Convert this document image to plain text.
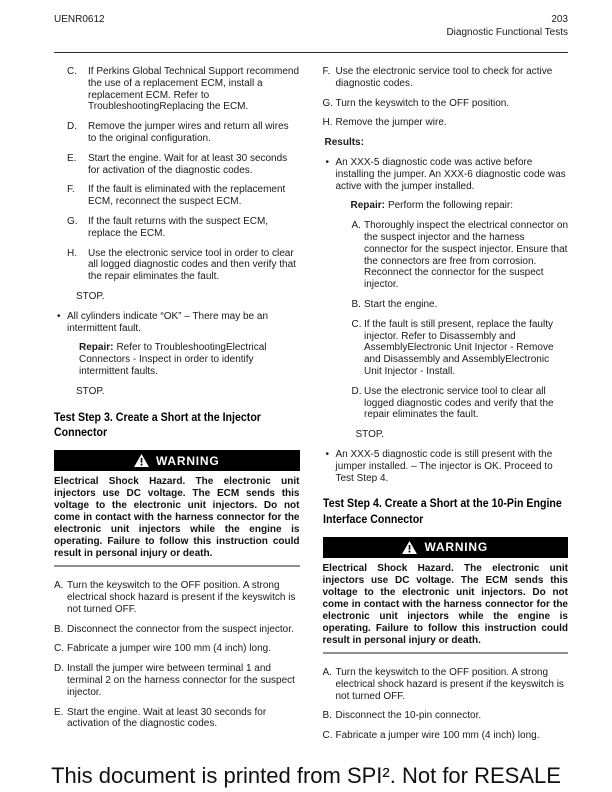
UENR0612	203
Diagnostic Functional Tests
C.	If Perkins Global Technical Support recommend the use of a replacement ECM, install a replacement ECM. Refer to TroubleshootingReplacing the ECM.
D.	Remove the jumper wires and return all wires to the original configuration.
E.	Start the engine. Wait for at least 30 seconds for activation of the diagnostic codes.
F.	If the fault is eliminated with the replacement ECM, reconnect the suspect ECM.
G.	If the fault returns with the suspect ECM, replace the ECM.
H.	Use the electronic service tool in order to clear all logged diagnostic codes and then verify that the repair eliminates the fault.

STOP.

• All cylinders indicate “OK” – There may be an intermittent fault.

Repair: Refer to TroubleshootingElectrical Connectors - Inspect in order to identify intermittent faults.

STOP.

Test Step 3. Create a Short at the Injector Connector
WARNING

Electrical Shock Hazard. The electronic unit injectors use DC voltage. The ECM sends this voltage to the electronic unit injectors. Do not come in contact with the harness connector for the electronic unit injectors while the engine is operating. Failure to follow this instruction could result in personal injury or death.

A. Turn the keyswitch to the OFF position. A strong electrical shock hazard is present if the keyswitch is not turned OFF.
B. Disconnect the connector from the suspect injector.
C. Fabricate a jumper wire 100 mm (4 inch) long.
D. Install the jumper wire between terminal 1 and terminal 2 on the harness connector for the suspect injector.
E. Start the engine. Wait at least 30 seconds for activation of the diagnostic codes.
F. Use the electronic service tool to check for active diagnostic codes.
G. Turn the keyswitch to the OFF position.
H. Remove the jumper wire.

Results:

• An XXX-5 diagnostic code was active before installing the jumper. An XXX-6 diagnostic code was active with the jumper installed.

Repair: Perform the following repair:

A. Thoroughly inspect the electrical connector on the suspect injector and the harness connector for the suspect injector. Ensure that the connectors are free from corrosion. Reconnect the connector for the suspect injector.
B. Start the engine.
C. If the fault is still present, replace the faulty injector. Refer to Disassembly and AssemblyElectronic Unit Injector - Remove and Disassembly and AssemblyElectronic Unit Injector - Install.
D. Use the electronic service tool to clear all logged diagnostic codes and verify that the repair eliminates the fault.

STOP.

• An XXX-5 diagnostic code is still present with the jumper installed. – The injector is OK. Proceed to Test Step 4.
Test Step 4. Create a Short at the 10-Pin Engine Interface Connector
WARNING

Electrical Shock Hazard. The electronic unit injectors use DC voltage. The ECM sends this voltage to the electronic unit injectors. Do not come in contact with the harness connector for the electronic unit injectors while the engine is operating. Failure to follow this instruction could result in personal injury or death.

A. Turn the keyswitch to the OFF position. A strong electrical shock hazard is present if the keyswitch is not turned OFF.
B. Disconnect the 10-pin connector.
C. Fabricate a jumper wire 100 mm (4 inch) long.
This document is printed from SPI². Not for RESALE
